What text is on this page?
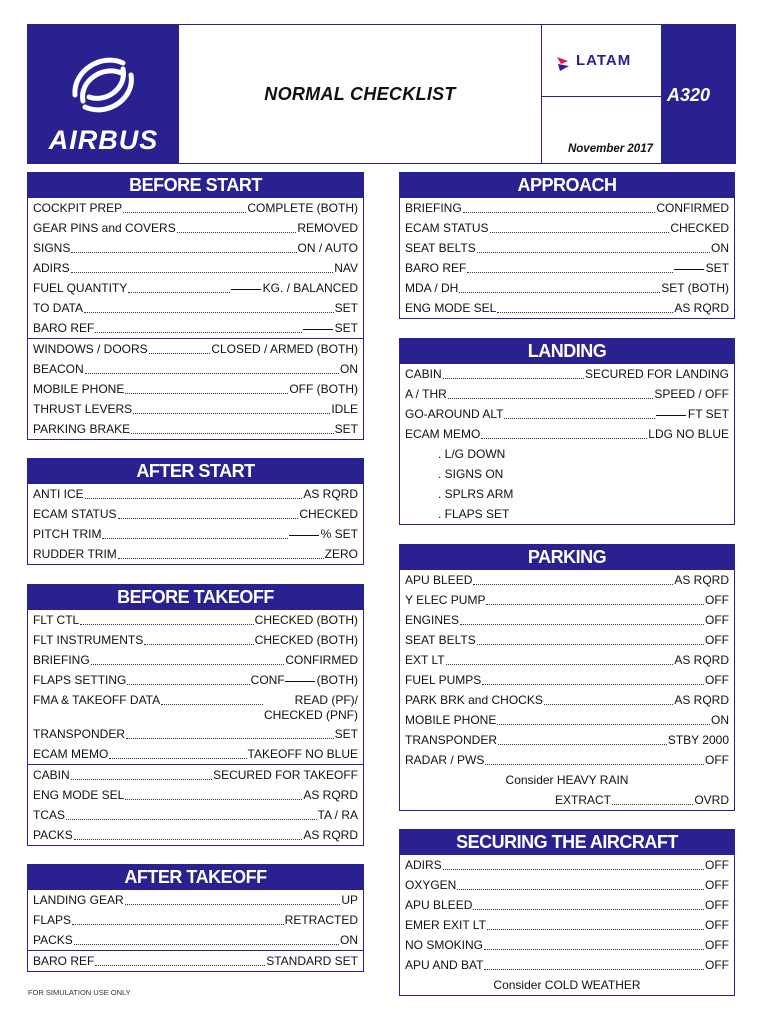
AIRBUS
NORMAL CHECKLIST
LATAM
November 2017
A320
BEFORE START
COCKPIT PREP	COMPLETE (BOTH)
GEAR PINS and COVERS	REMOVED
SIGNS	ON / AUTO
ADIRS	NAV
FUEL QUANTITY	KG. / BALANCED
TO DATA	SET
BARO REF	SET
WINDOWS / DOORS	CLOSED / ARMED (BOTH)
BEACON	ON
MOBILE PHONE	OFF (BOTH)
THRUST LEVERS	IDLE
PARKING BRAKE	SET
AFTER START
ANTI ICE	AS RQRD
ECAM STATUS	CHECKED
PITCH TRIM	% SET
RUDDER TRIM	ZERO
BEFORE TAKEOFF
FLT CTL	CHECKED (BOTH)
FLT INSTRUMENTS	CHECKED (BOTH)
BRIEFING	CONFIRMED
FLAPS SETTING	CONF	(BOTH)
FMA & TAKEOFF DATA	READ (PF)/
CHECKED (PNF)
TRANSPONDER	SET
ECAM MEMO	TAKEOFF NO BLUE
CABIN	SECURED FOR TAKEOFF
ENG MODE SEL	AS RQRD
TCAS	TA / RA
PACKS	AS RQRD
AFTER TAKEOFF
LANDING GEAR	UP
FLAPS	RETRACTED
PACKS	ON
BARO REF	STANDARD SET
APPROACH
BRIEFING	CONFIRMED
ECAM STATUS	CHECKED
SEAT BELTS	ON
BARO REF	SET
MDA / DH	SET (BOTH)
ENG MODE SEL	AS RQRD
LANDING
CABIN	SECURED FOR LANDING
A / THR	SPEED / OFF
GO-AROUND ALT	FT SET
ECAM MEMO	LDG NO BLUE
. L/G DOWN
. SIGNS ON
. SPLRS ARM
. FLAPS SET
PARKING
APU BLEED	AS RQRD
Y ELEC PUMP	OFF
ENGINES	OFF
SEAT BELTS	OFF
EXT LT	AS RQRD
FUEL PUMPS	OFF
PARK BRK and CHOCKS	AS RQRD
MOBILE PHONE	ON
TRANSPONDER	STBY 2000
RADAR / PWS	OFF
Consider HEAVY RAIN
EXTRACT	OVRD
SECURING THE AIRCRAFT
ADIRS	OFF
OXYGEN	OFF
APU BLEED	OFF
EMER EXIT LT	OFF
NO SMOKING	OFF
APU AND BAT	OFF
Consider COLD WEATHER
FOR SIMULATION USE ONLY
